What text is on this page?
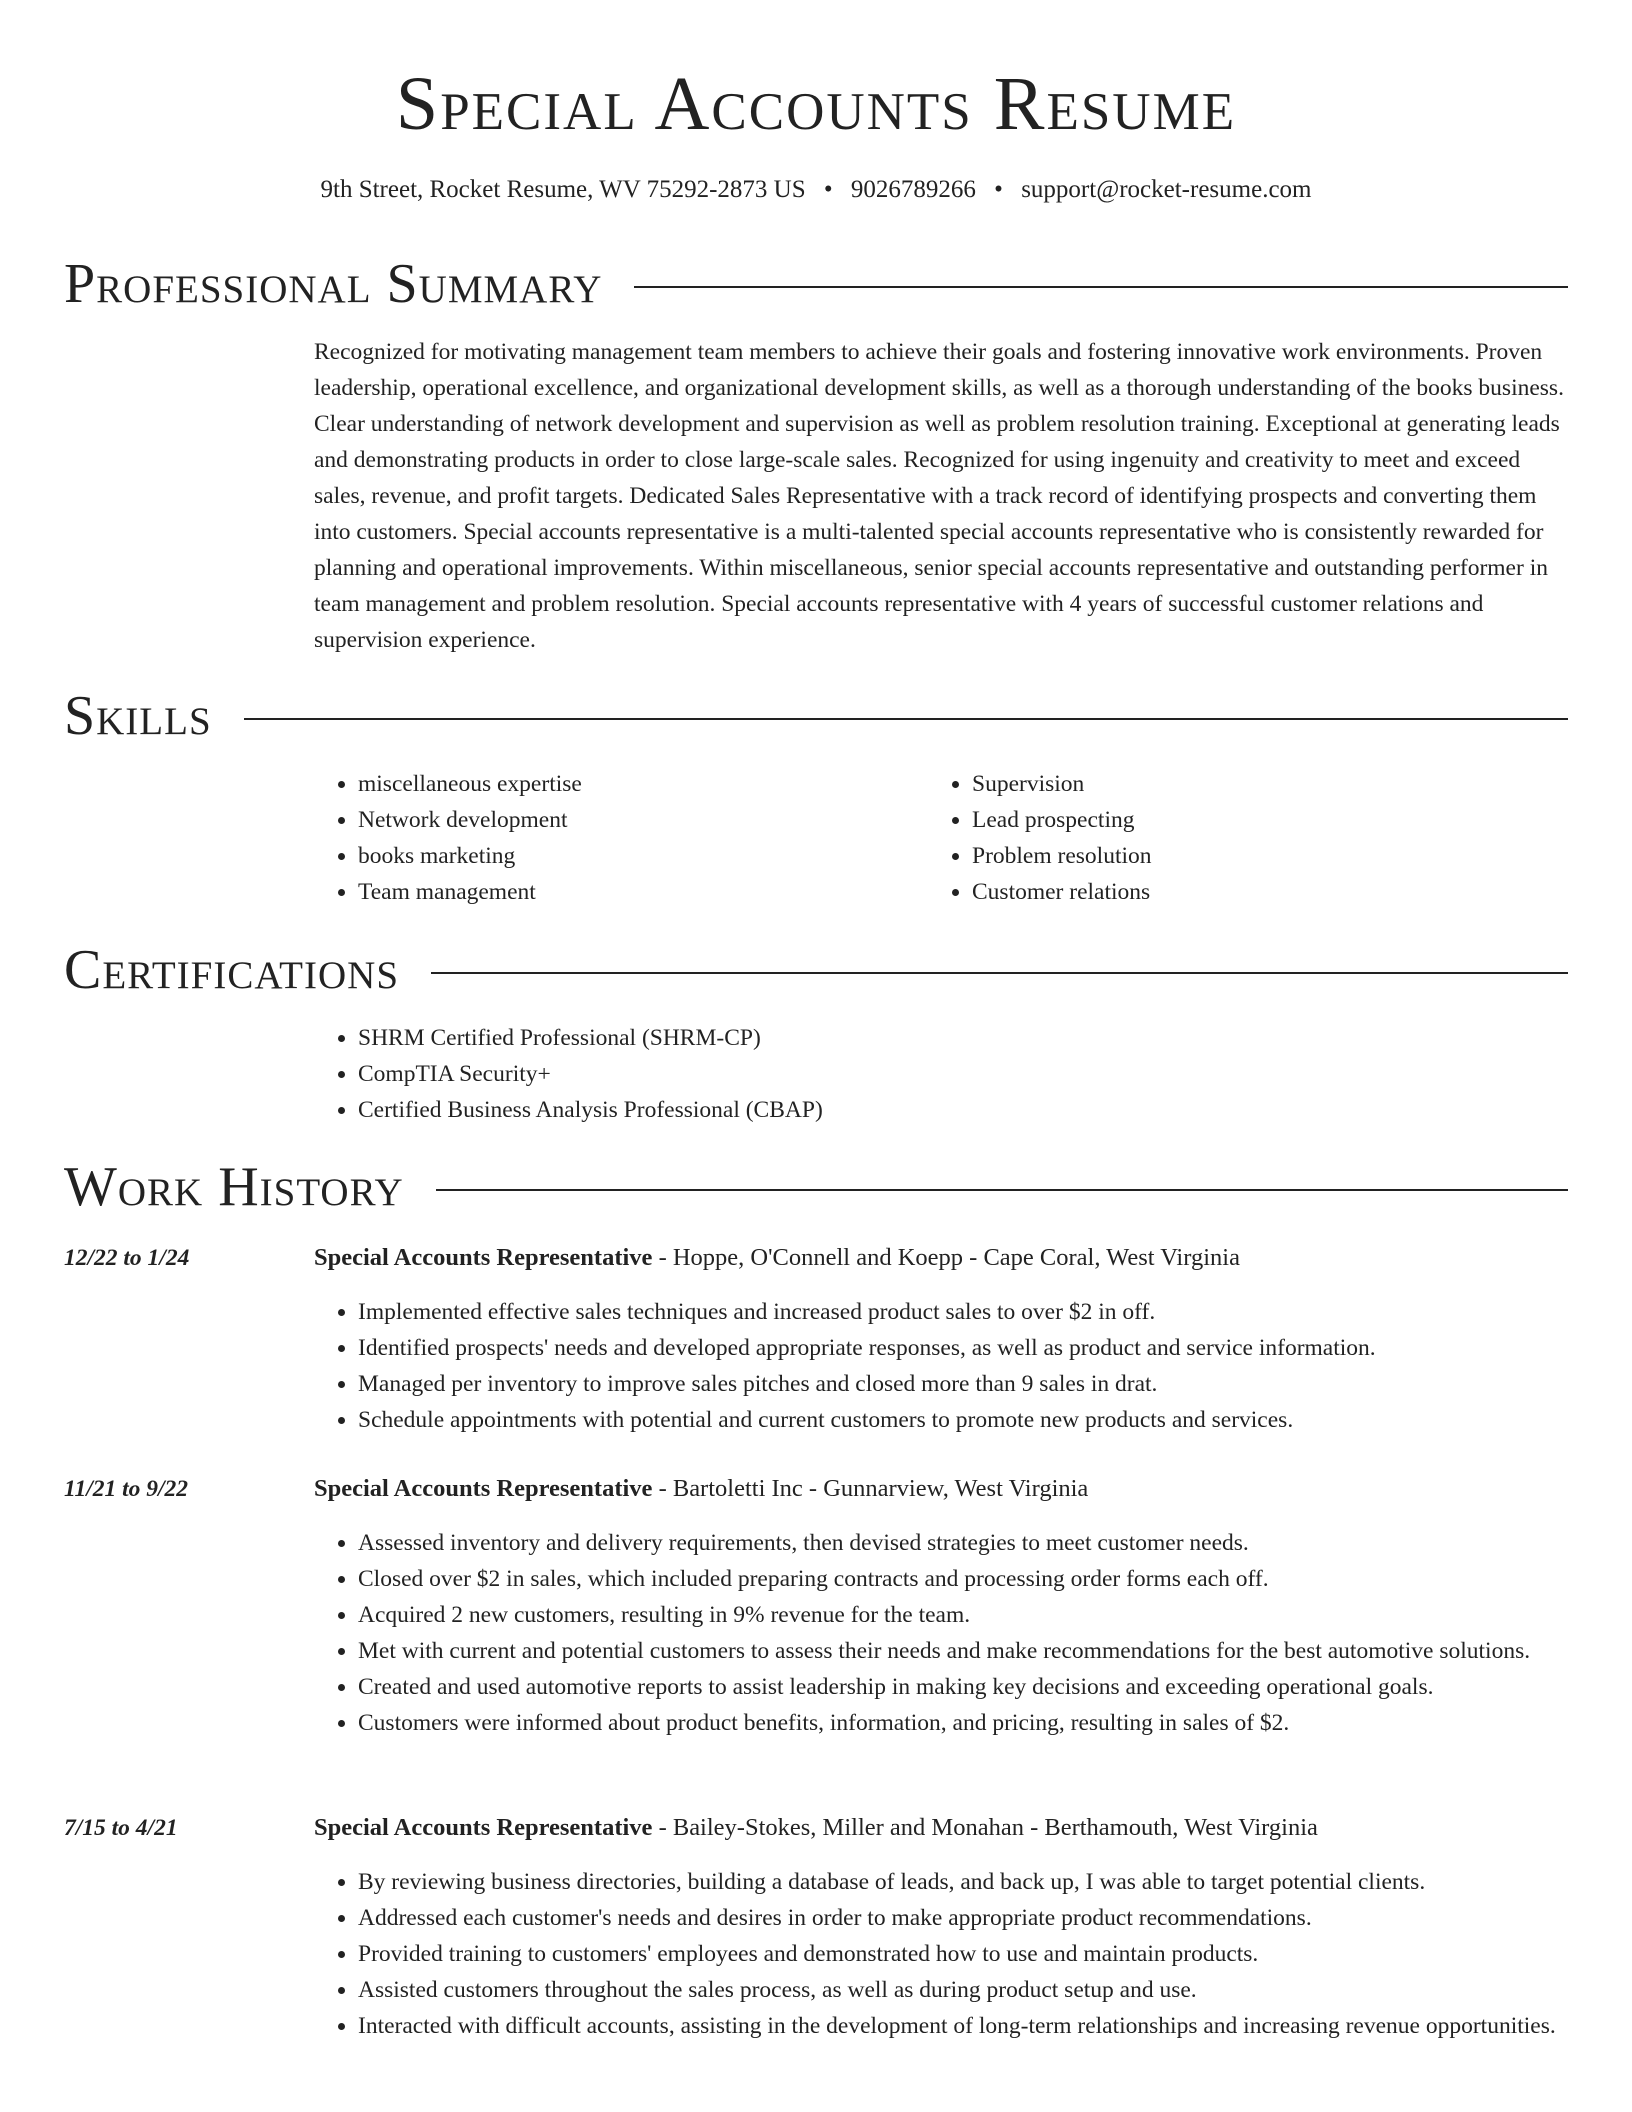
Special Accounts Resume
9th Street, Rocket Resume, WV 75292-2873 US • 9026789266 • support@rocket-resume.com
Professional Summary

Recognized for motivating management team members to achieve their goals and fostering innovative work environments. Proven leadership, operational excellence, and organizational development skills, as well as a thorough understanding of the books business. Clear understanding of network development and supervision as well as problem resolution training. Exceptional at generating leads and demonstrating products in order to close large-scale sales. Recognized for using ingenuity and creativity to meet and exceed sales, revenue, and profit targets. Dedicated Sales Representative with a track record of identifying prospects and converting them into customers. Special accounts representative is a multi-talented special accounts representative who is consistently rewarded for planning and operational improvements. Within miscellaneous, senior special accounts representative and outstanding performer in team management and problem resolution. Special accounts representative with 4 years of successful customer relations and supervision experience.

Skills
• miscellaneous expertise
• Network development
• books marketing
• Team management
• Supervision
• Lead prospecting
• Problem resolution
• Customer relations
Certifications
• SHRM Certified Professional (SHRM-CP)
• CompTIA Security+
• Certified Business Analysis Professional (CBAP)
Work History
12/22 to 1/24	Special Accounts Representative - Hoppe, O'Connell and Koepp - Cape Coral, West Virginia
• Implemented effective sales techniques and increased product sales to over $2 in off.
• Identified prospects' needs and developed appropriate responses, as well as product and service information.
• Managed per inventory to improve sales pitches and closed more than 9 sales in drat.
• Schedule appointments with potential and current customers to promote new products and services.
11/21 to 9/22	Special Accounts Representative - Bartoletti Inc - Gunnarview, West Virginia
• Assessed inventory and delivery requirements, then devised strategies to meet customer needs.
• Closed over $2 in sales, which included preparing contracts and processing order forms each off.
• Acquired 2 new customers, resulting in 9% revenue for the team.
• Met with current and potential customers to assess their needs and make recommendations for the best automotive solutions.
• Created and used automotive reports to assist leadership in making key decisions and exceeding operational goals.
• Customers were informed about product benefits, information, and pricing, resulting in sales of $2.
7/15 to 4/21	Special Accounts Representative - Bailey-Stokes, Miller and Monahan - Berthamouth, West Virginia
• By reviewing business directories, building a database of leads, and back up, I was able to target potential clients.
• Addressed each customer's needs and desires in order to make appropriate product recommendations.
• Provided training to customers' employees and demonstrated how to use and maintain products.
• Assisted customers throughout the sales process, as well as during product setup and use.
• Interacted with difficult accounts, assisting in the development of long-term relationships and increasing revenue opportunities.
